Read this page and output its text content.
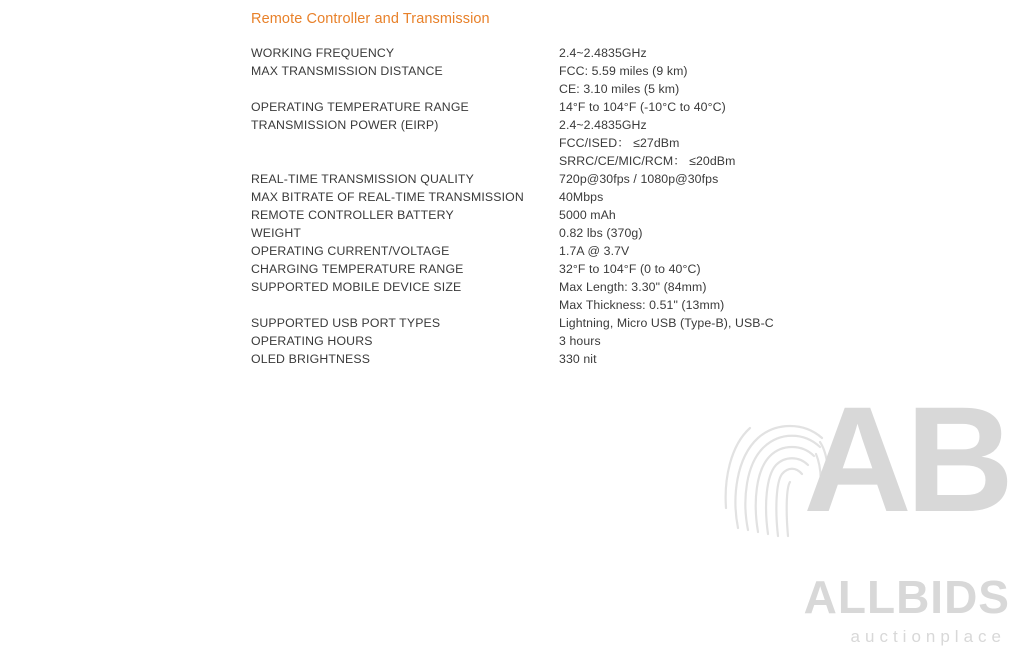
AB
ALLBIDS
auctionplace
Remote Controller and Transmission
WORKING FREQUENCY	2.4~2.4835GHz

MAX TRANSMISSION DISTANCE	FCC: 5.59 miles (9 km)
CE: 3.10 miles (5 km)

OPERATING TEMPERATURE RANGE	14°F to 104°F (-10°C to 40°C)

TRANSMISSION POWER (EIRP)	2.4~2.4835GHz
FCC/ISED： ≤27dBm
SRRC/CE/MIC/RCM： ≤20dBm

REAL-TIME TRANSMISSION QUALITY	720p@30fps / 1080p@30fps

MAX BITRATE OF REAL-TIME TRANSMISSION	40Mbps

REMOTE CONTROLLER BATTERY	5000 mAh

WEIGHT	0.82 lbs (370g)

OPERATING CURRENT/VOLTAGE	1.7A @ 3.7V

CHARGING TEMPERATURE RANGE	32°F to 104°F (0 to 40°C)

SUPPORTED MOBILE DEVICE SIZE	Max Length: 3.30" (84mm)
Max Thickness: 0.51" (13mm)

SUPPORTED USB PORT TYPES	Lightning, Micro USB (Type-B), USB-C

OPERATING HOURS	3 hours

OLED BRIGHTNESS	330 nit
